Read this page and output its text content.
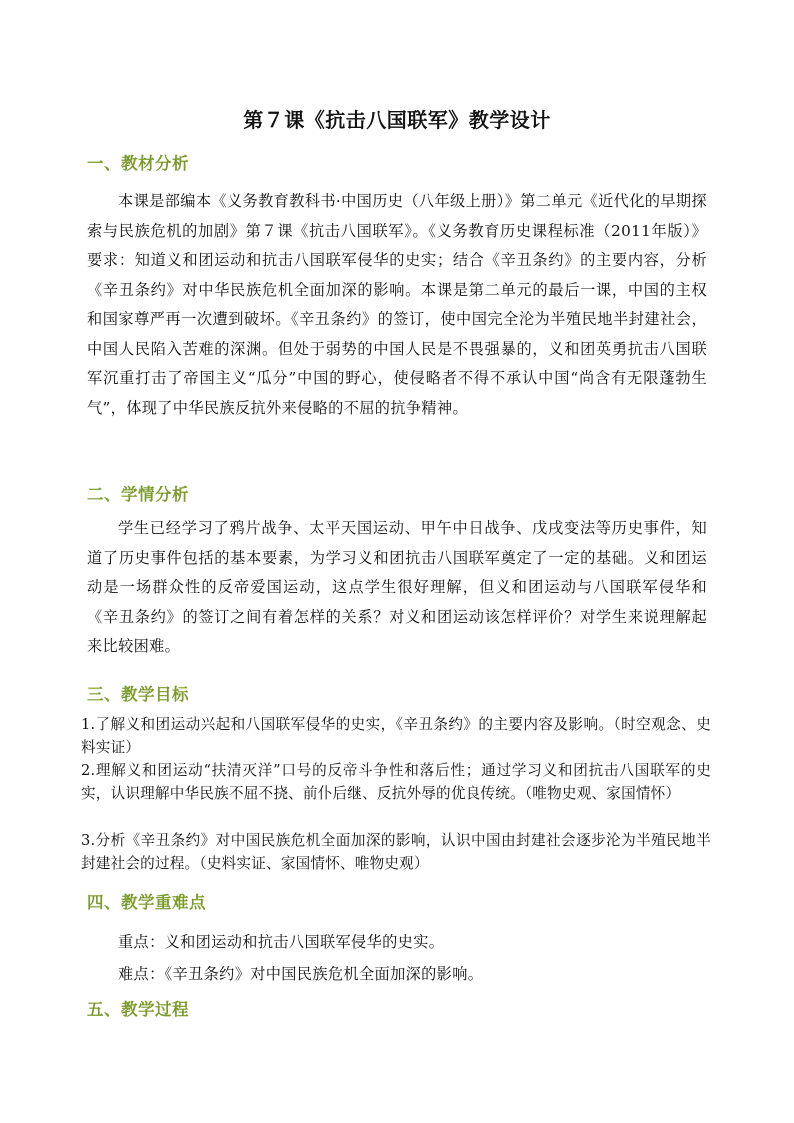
第７课《抗击八国联军》教学设计
一、教材分析
本课是部编本《义务教育教科书·中国历史（八年级上册）》第二单元《近代化的早期探索与民族危机的加剧》第７课《抗击八国联军》。《义务教育历史课程标准（2011年版）》要求：知道义和团运动和抗击八国联军侵华的史实；结合《辛丑条约》的主要内容，分析《辛丑条约》对中华民族危机全面加深的影响。本课是第二单元的最后一课，中国的主权和国家尊严再一次遭到破坏。《辛丑条约》的签订，使中国完全沦为半殖民地半封建社会，中国人民陷入苦难的深渊。但处于弱势的中国人民是不畏强暴的，义和团英勇抗击八国联军沉重打击了帝国主义“瓜分”中国的野心，使侵略者不得不承认中国“尚含有无限蓬勃生气”，体现了中华民族反抗外来侵略的不屈的抗争精神。
二、学情分析
学生已经学习了鸦片战争、太平天国运动、甲午中日战争、戊戌变法等历史事件，知道了历史事件包括的基本要素，为学习义和团抗击八国联军奠定了一定的基础。义和团运动是一场群众性的反帝爱国运动，这点学生很好理解，但义和团运动与八国联军侵华和《辛丑条约》的签订之间有着怎样的关系？对义和团运动该怎样评价？对学生来说理解起来比较困难。
三、教学目标
1.了解义和团运动兴起和八国联军侵华的史实，《辛丑条约》的主要内容及影响。（时空观念、史料实证）
2.理解义和团运动“扶清灭洋”口号的反帝斗争性和落后性；通过学习义和团抗击八国联军的史实，认识理解中华民族不屈不挠、前仆后继、反抗外辱的优良传统。（唯物史观、家国情怀）
3.分析《辛丑条约》对中国民族危机全面加深的影响，认识中国由封建社会逐步沦为半殖民地半封建社会的过程。（史料实证、家国情怀、唯物史观）
四、教学重难点
重点：义和团运动和抗击八国联军侵华的史实。
难点：《辛丑条约》对中国民族危机全面加深的影响。
五、教学过程
